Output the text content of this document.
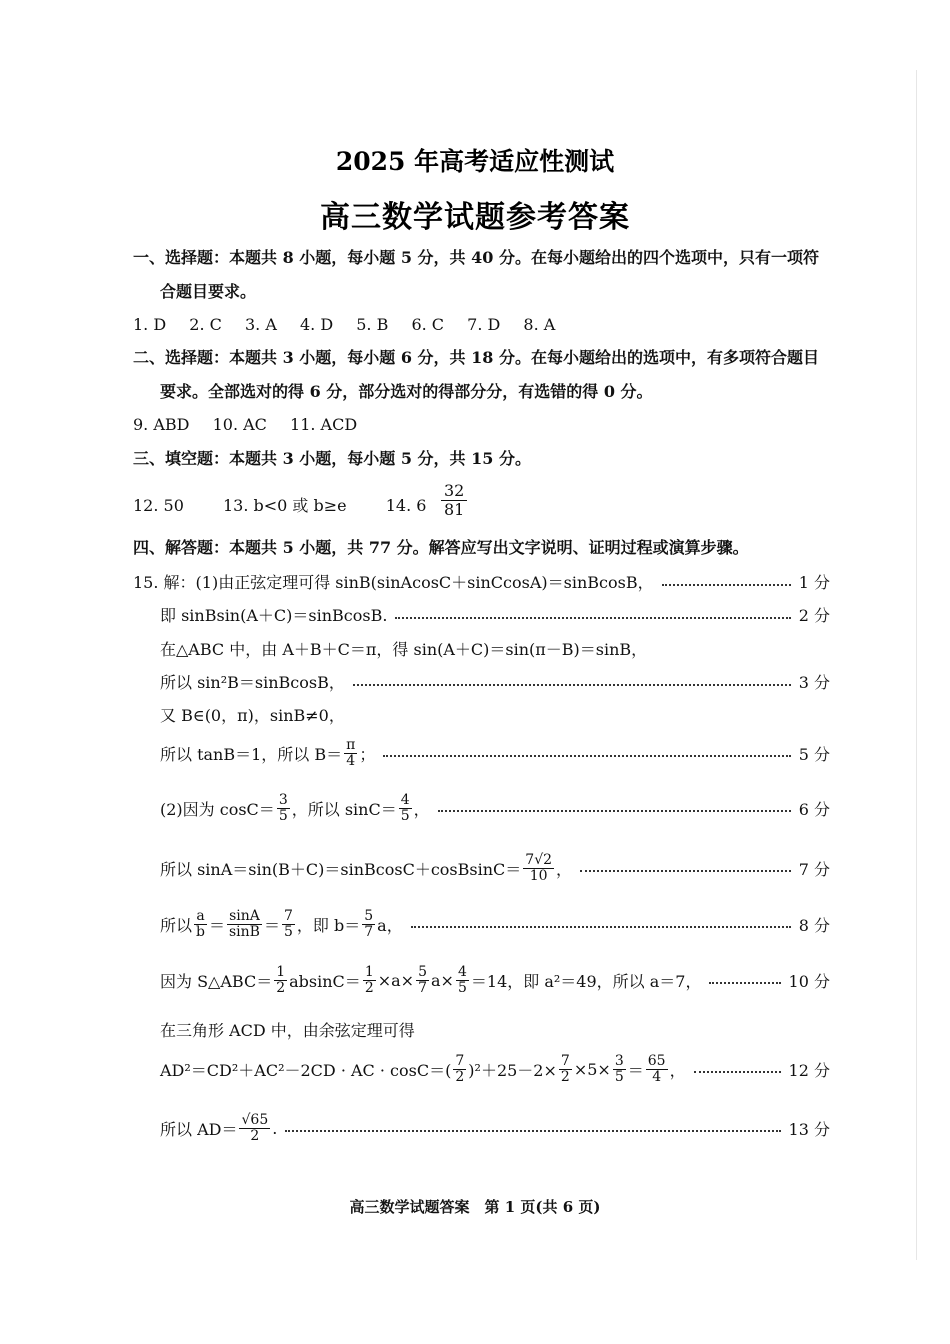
2025 年高考适应性测试
高三数学试题参考答案
一、选择题：本题共 8 小题，每小题 5 分，共 40 分。在每小题给出的四个选项中，只有一项符
合题目要求。
1. D 2. C 3. A 4. D 5. B 6. C 7. D 8. A
二、选择题：本题共 3 小题，每小题 6 分，共 18 分。在每小题给出的选项中，有多项符合题目
要求。全部选对的得 6 分，部分选对的得部分分，有选错的得 0 分。
9. ABD 10. AC 11. ACD
三、填空题：本题共 3 小题，每小题 5 分，共 15 分。
12. 50 13. b<0 或 b≥e 14. $6 \frac{32}{81}$
四、解答题：本题共 5 小题，共 77 分。解答应写出文字说明、证明过程或演算步骤。
15. 解：(1)由正弦定理可得 sinB(sinAcosC＋sinCcosA)＝sinBcosB，	1 分
即 sinBsin(A＋C)＝sinBcosB.	2 分
在△ABC 中，由 A＋B＋C＝π，得 sin(A＋C)＝sin(π－B)＝sinB，
所以 sin²B＝sinBcosB，	3 分
又 B∈(0，π)，sinB≠0，
所以 tanB＝1，所以 $B= \frac{\pi}{4}$ ；	5 分
(2)因为 $\cos C= \frac{3}{5}$ ，所以 $\sin C= \frac{4}{5}$ ，	6 分
所以 sinA＝sin(B＋C)＝sinBcosC＋cosBsinC＝ $\frac{7√2}{10}$ ，	7 分
所以 $\frac{a}{b} = \frac{\sin A}{\sin B} = \frac{7}{5}$ ，即 $b= \frac{5}{7}$ a，	8 分
因为 S△ABC＝ $\frac{1}{2} absinC= \frac{1}{2} \times a\times \frac{5}{7} a\times \frac{4}{5} =14$，即 a²＝49，所以 a＝7，	10 分
在三角形 ACD 中，由余弦定理可得
AD²＝CD²＋AC²－2CD · AC · $\cos C=( \frac{7}{2} )^2+25-2\times \frac{7}{2} \times 5\times \frac{3}{5} = \frac{65}{4}$ ，	12 分
所以 $AD= \frac{√65}{2}$ .	13 分
高三数学试题答案　第 1 页(共 6 页)
